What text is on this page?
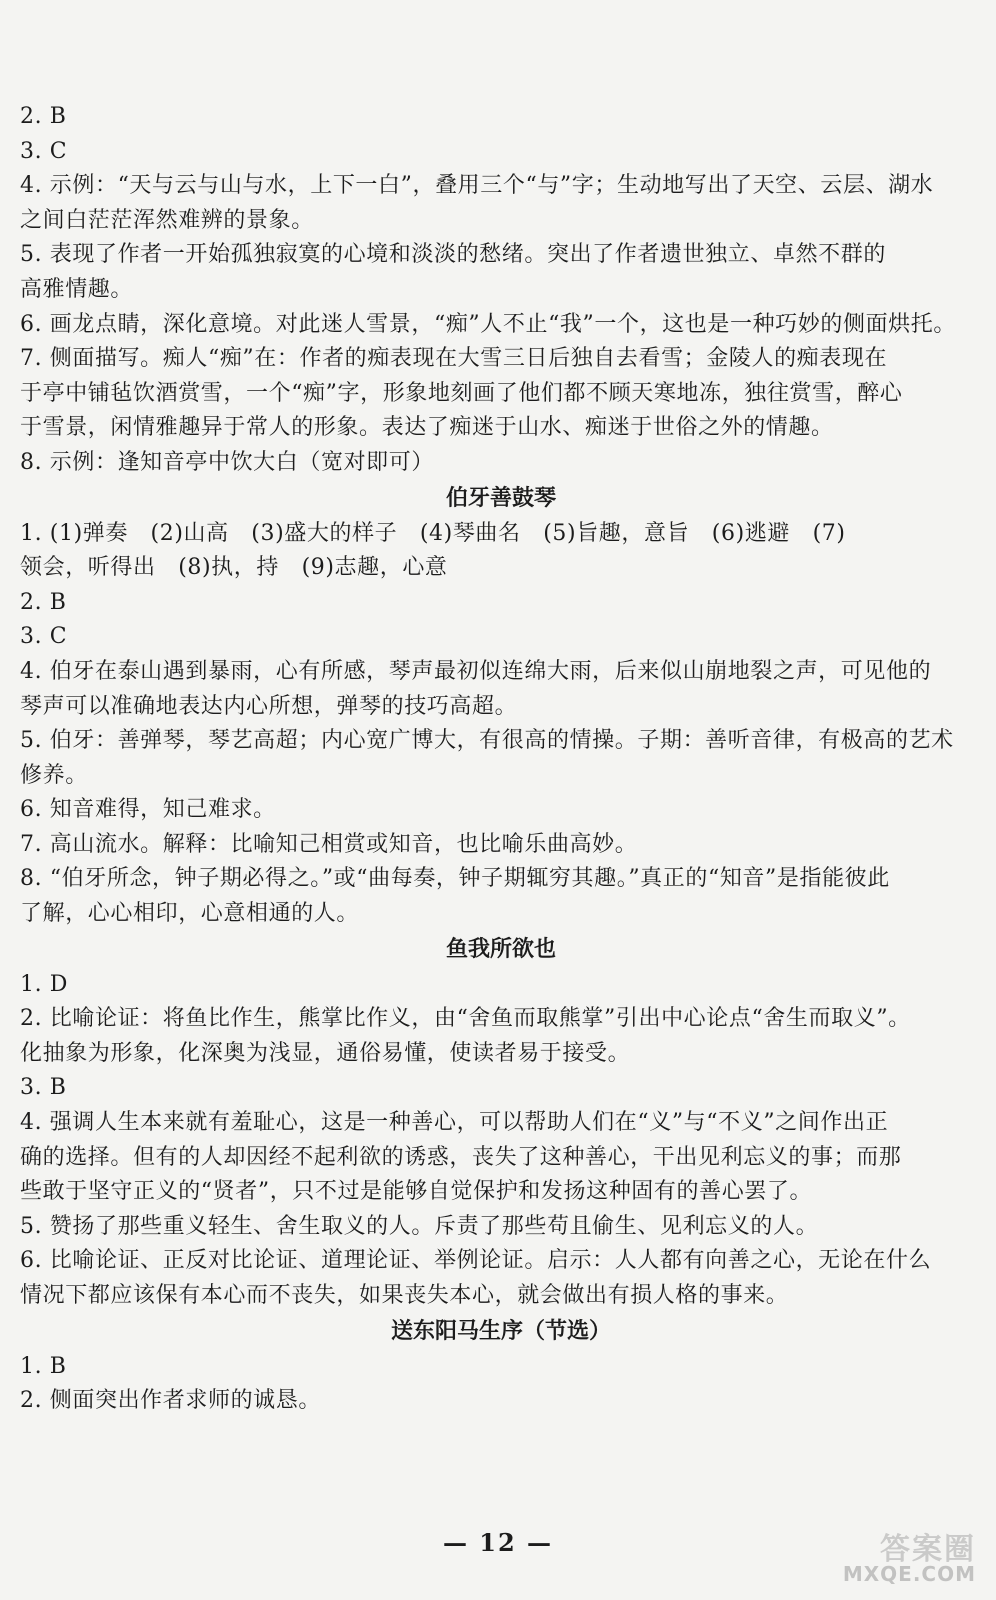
2. B
3. C
4. 示例：“天与云与山与水，上下一白”，叠用三个“与”字；生动地写出了天空、云层、湖水
之间白茫茫浑然难辨的景象。
5. 表现了作者一开始孤独寂寞的心境和淡淡的愁绪。突出了作者遗世独立、卓然不群的
高雅情趣。
6. 画龙点睛，深化意境。对此迷人雪景，“痴”人不止“我”一个，这也是一种巧妙的侧面烘托。
7. 侧面描写。痴人“痴”在：作者的痴表现在大雪三日后独自去看雪；金陵人的痴表现在
于亭中铺毡饮酒赏雪，一个“痴”字，形象地刻画了他们都不顾天寒地冻，独往赏雪，醉心
于雪景，闲情雅趣异于常人的形象。表达了痴迷于山水、痴迷于世俗之外的情趣。
8. 示例：逢知音亭中饮大白（宽对即可）
伯牙善鼓琴
1. (1)弹奏　(2)山高　(3)盛大的样子　(4)琴曲名　(5)旨趣，意旨　(6)逃避　(7)
领会，听得出　(8)执，持　(9)志趣，心意
2. B
3. C
4. 伯牙在泰山遇到暴雨，心有所感，琴声最初似连绵大雨，后来似山崩地裂之声，可见他的
琴声可以准确地表达内心所想，弹琴的技巧高超。
5. 伯牙：善弹琴，琴艺高超；内心宽广博大，有很高的情操。子期：善听音律，有极高的艺术
修养。
6. 知音难得，知己难求。
7. 高山流水。解释：比喻知己相赏或知音，也比喻乐曲高妙。
8. “伯牙所念，钟子期必得之。”或“曲每奏，钟子期辄穷其趣。”真正的“知音”是指能彼此
了解，心心相印，心意相通的人。
鱼我所欲也
1. D
2. 比喻论证：将鱼比作生，熊掌比作义，由“舍鱼而取熊掌”引出中心论点“舍生而取义”。
化抽象为形象，化深奥为浅显，通俗易懂，使读者易于接受。
3. B
4. 强调人生本来就有羞耻心，这是一种善心，可以帮助人们在“义”与“不义”之间作出正
确的选择。但有的人却因经不起利欲的诱惑，丧失了这种善心，干出见利忘义的事；而那
些敢于坚守正义的“贤者”，只不过是能够自觉保护和发扬这种固有的善心罢了。
5. 赞扬了那些重义轻生、舍生取义的人。斥责了那些苟且偷生、见利忘义的人。
6. 比喻论证、正反对比论证、道理论证、举例论证。启示：人人都有向善之心，无论在什么
情况下都应该保有本心而不丧失，如果丧失本心，就会做出有损人格的事来。
送东阳马生序（节选）
1. B
2. 侧面突出作者求师的诚恳。
— 12 —	答案圈
MXQE.COM
